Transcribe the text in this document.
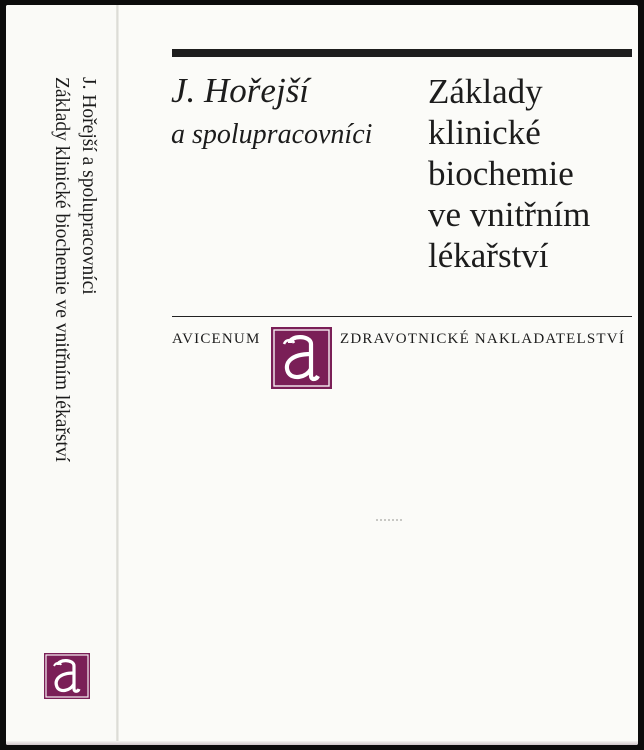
J. Hořejší a spolupracovníci
Základy klinické biochemie ve vnitřním lékařství	J. Hořejší
a spolupracovníci
Základy
klinické
biochemie
ve vnitřním
lékařství
AVICENUM	ZDRAVOTNICKÉ NAKLADATELSTVÍ
